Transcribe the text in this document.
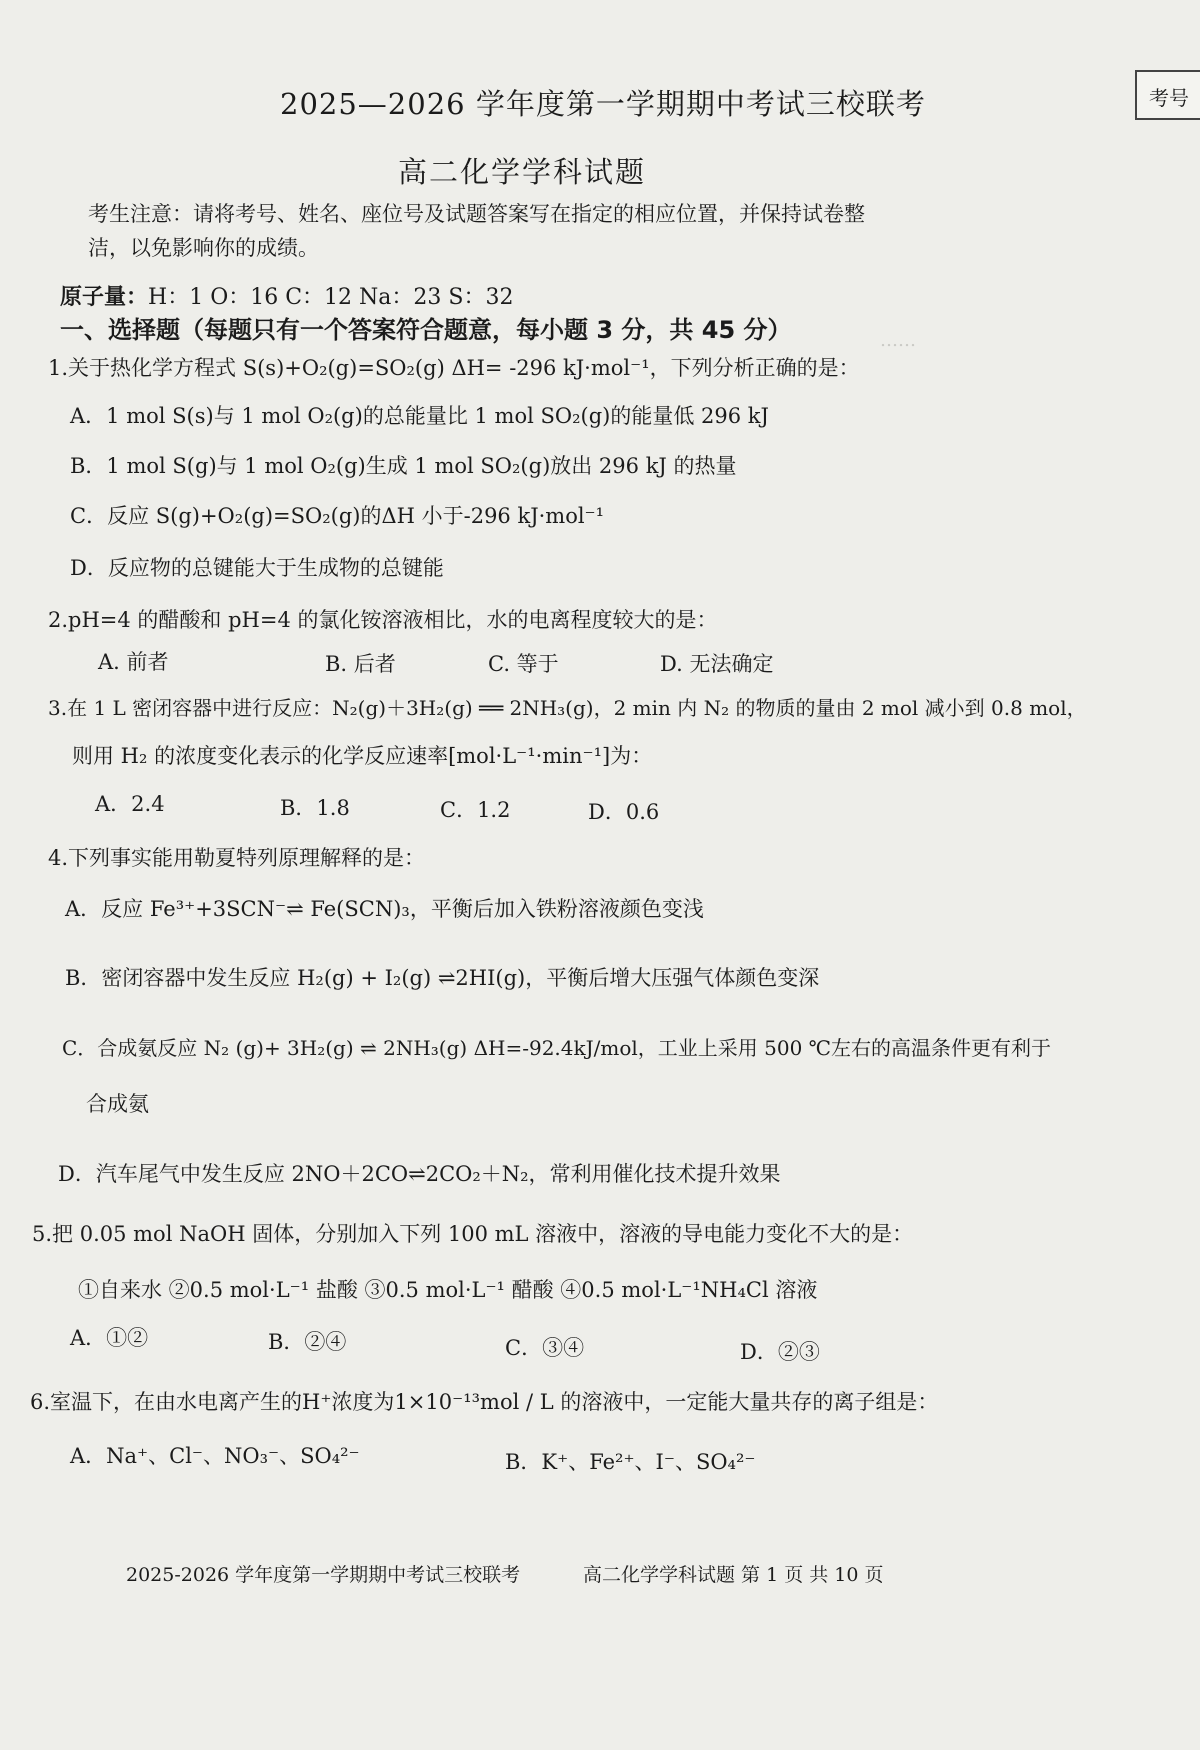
……
考号
2025—2026 学年度第一学期期中考试三校联考
高二化学学科试题
考生注意：请将考号、姓名、座位号及试题答案写在指定的相应位置，并保持试卷整
洁，以免影响你的成绩。
原子量：H：1 O：16 C：12 Na：23 S：32
一、选择题（每题只有一个答案符合题意，每小题 3 分，共 45 分）
1.关于热化学方程式 S(s)+O₂(g)=SO₂(g) ΔH= -296 kJ·mol⁻¹，下列分析正确的是：
A．1 mol S(s)与 1 mol O₂(g)的总能量比 1 mol SO₂(g)的能量低 296 kJ
B．1 mol S(g)与 1 mol O₂(g)生成 1 mol SO₂(g)放出 296 kJ 的热量
C．反应 S(g)+O₂(g)=SO₂(g)的ΔH 小于-296 kJ·mol⁻¹
D．反应物的总键能大于生成物的总键能
2.pH=4 的醋酸和 pH=4 的氯化铵溶液相比，水的电离程度较大的是：
A. 前者	B. 后者	C. 等于	D. 无法确定
3.在 1 L 密闭容器中进行反应：N₂(g)＋3H₂(g) ══ 2NH₃(g)，2 min 内 N₂ 的物质的量由 2 mol 减小到 0.8 mol，
则用 H₂ 的浓度变化表示的化学反应速率[mol·L⁻¹·min⁻¹]为：
A．2.4	B．1.8	C．1.2	D．0.6
4.下列事实能用勒夏特列原理解释的是：
A．反应 Fe³⁺+3SCN⁻⇌ Fe(SCN)₃，平衡后加入铁粉溶液颜色变浅
B．密闭容器中发生反应 H₂(g) + I₂(g) ⇌2HI(g)，平衡后增大压强气体颜色变深
C．合成氨反应 N₂ (g)+ 3H₂(g) ⇌ 2NH₃(g) ΔH=-92.4kJ/mol，工业上采用 500 ℃左右的高温条件更有利于
合成氨
D．汽车尾气中发生反应 2NO＋2CO⇌2CO₂＋N₂，常利用催化技术提升效果
5.把 0.05 mol NaOH 固体，分别加入下列 100 mL 溶液中，溶液的导电能力变化不大的是：
①自来水 ②0.5 mol·L⁻¹ 盐酸 ③0.5 mol·L⁻¹ 醋酸 ④0.5 mol·L⁻¹NH₄Cl 溶液
A．①②	B．②④	C．③④	D．②③
6.室温下，在由水电离产生的H⁺浓度为1×10⁻¹³mol / L 的溶液中，一定能大量共存的离子组是：
A．Na⁺、Cl⁻、NO₃⁻、SO₄²⁻	B．K⁺、Fe²⁺、I⁻、SO₄²⁻
2025-2026 学年度第一学期期中考试三校联考	高二化学学科试题 第 1 页 共 10 页
